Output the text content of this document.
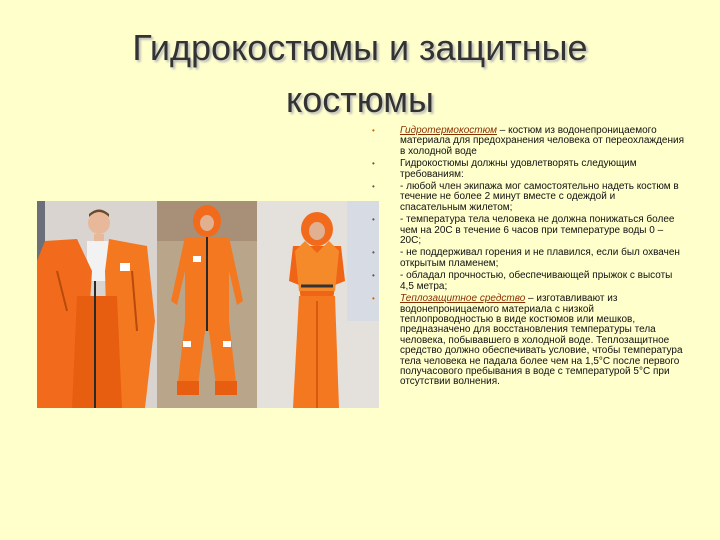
Гидрокостюмы и защитные
костюмы
•	Гидротермокостюм – костюм из водонепроницаемого материала для предохранения человека от переохлаждения в холодной воде
•	Гидрокостюмы должны удовлетворять следующим требованиям:
•	- любой член экипажа мог самостоятельно надеть костюм в течение не более 2 минут вместе с одеждой и спасательным жилетом;
•	- температура тела человека не должна понижаться более чем на 20С в течение 6 часов при температуре воды 0 – 20С;
•	- не поддерживал горения и не плавился, если был охвачен открытым пламенем;
•	- обладал прочностью, обеспечивающей прыжок с высоты 4,5 метра;
•	Теплозащитное средство – изготавливают из водонепроницаемого материала с низкой теплопроводностью в виде костюмов или мешков, предназначено для восстановления температуры тела человека, побывавшего в холодной воде. Теплозащитное средство должно обеспечивать условие, чтобы температура тела человека не падала более чем на 1,5°С после первого получасового пребывания в воде с температурой 5°С при отсутствии волнения.
